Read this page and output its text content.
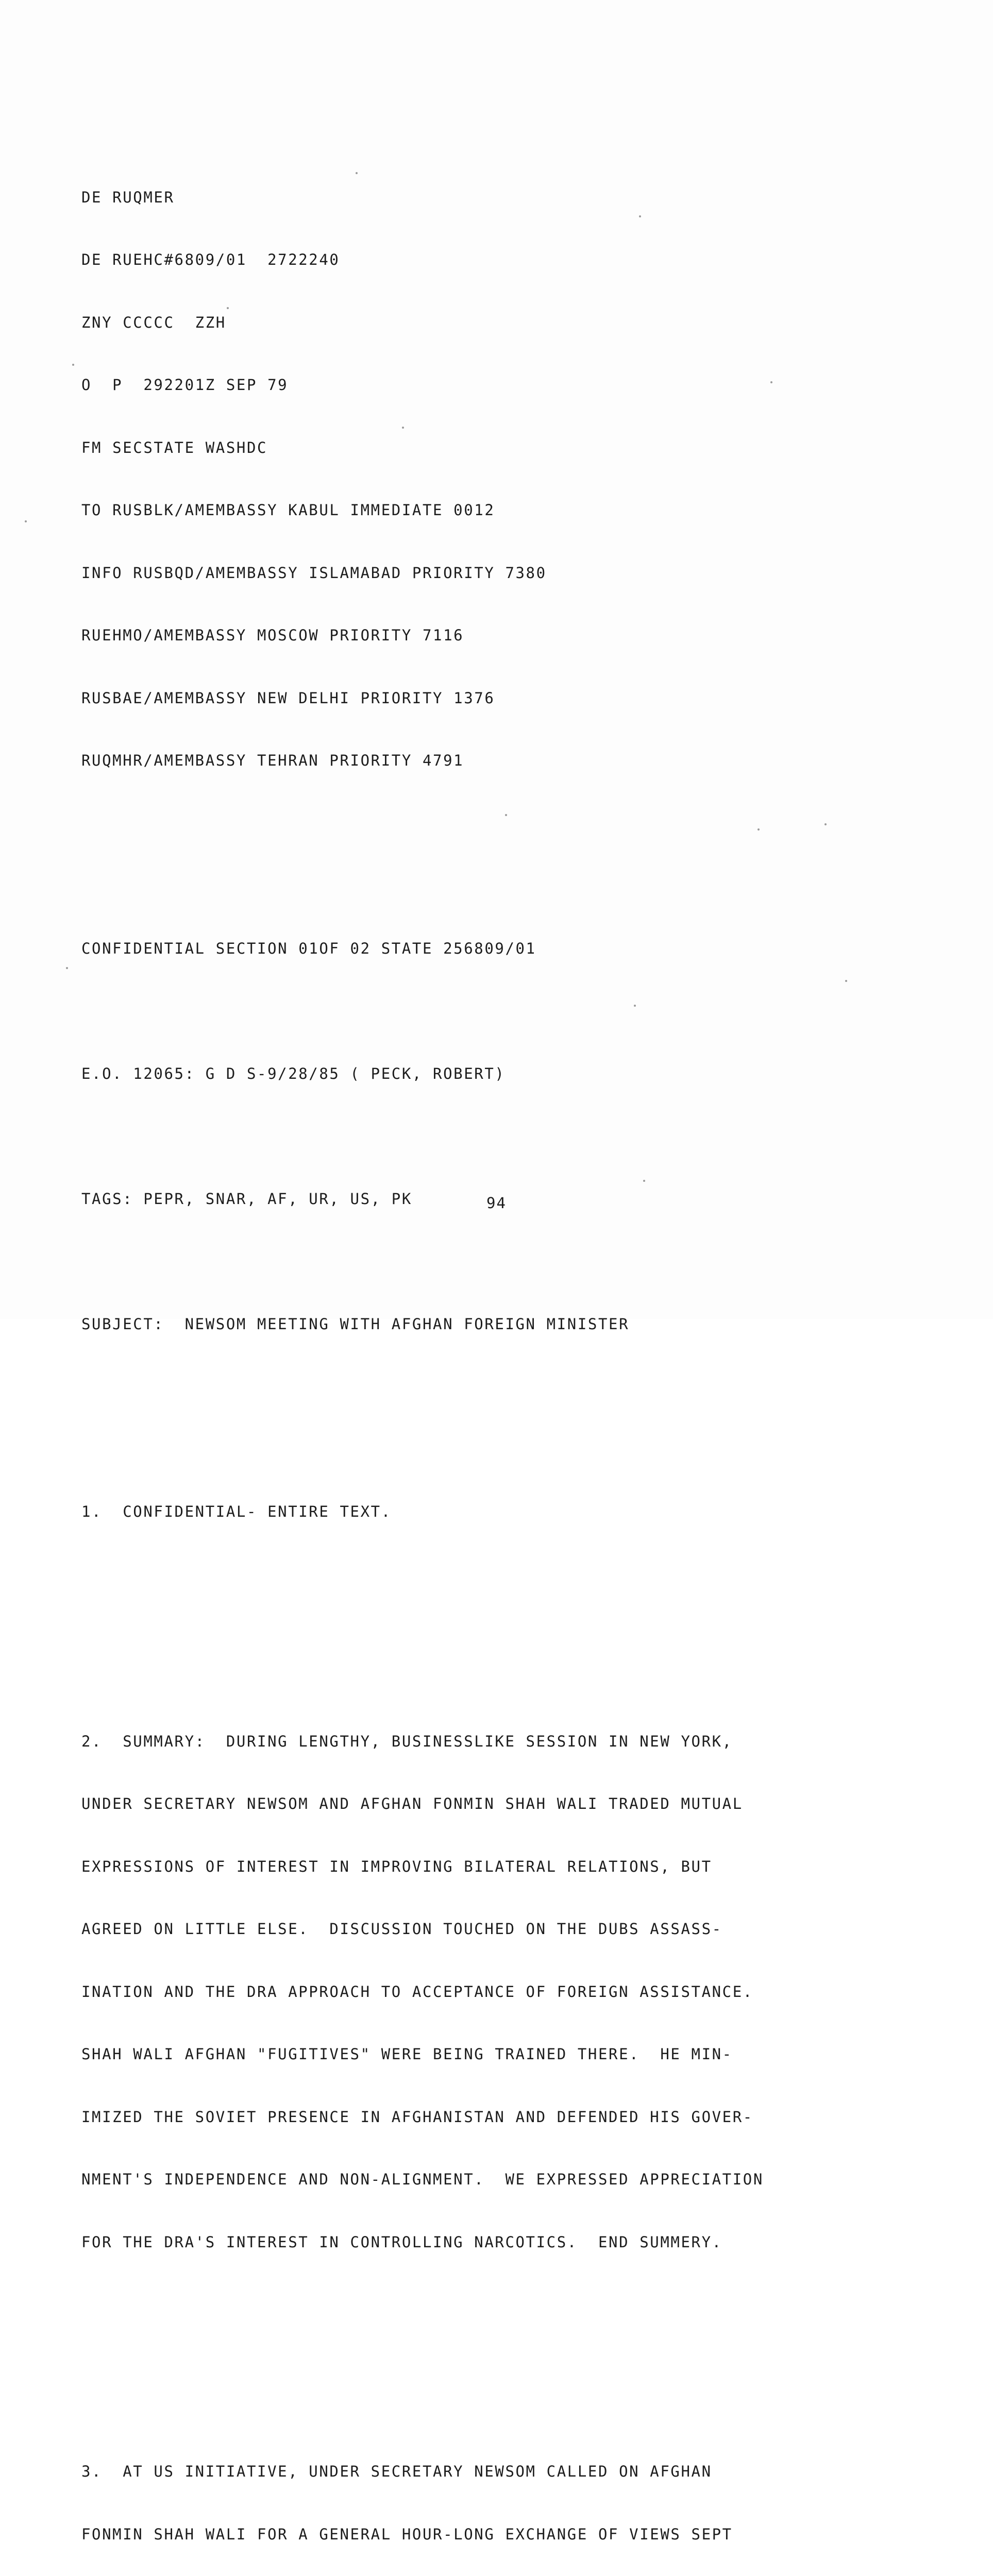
DE RUQMER

DE RUEHC#6809/01  2722240

ZNY CCCCC  ZZH

O  P  292201Z SEP 79

FM SECSTATE WASHDC

TO RUSBLK/AMEMBASSY KABUL IMMEDIATE 0012

INFO RUSBQD/AMEMBASSY ISLAMABAD PRIORITY 7380

RUEHMO/AMEMBASSY MOSCOW PRIORITY 7116

RUSBAE/AMEMBASSY NEW DELHI PRIORITY 1376

RUQMHR/AMEMBASSY TEHRAN PRIORITY 4791

CONFIDENTIAL SECTION 01OF 02 STATE 256809/01

E.O. 12065: G D S-9/28/85 ( PECK, ROBERT)

TAGS: PEPR, SNAR, AF, UR, US, PK

SUBJECT:  NEWSOM MEETING WITH AFGHAN FOREIGN MINISTER

1.  CONFIDENTIAL- ENTIRE TEXT.

2.  SUMMARY:  DURING LENGTHY, BUSINESSLIKE SESSION IN NEW YORK,

UNDER SECRETARY NEWSOM AND AFGHAN FONMIN SHAH WALI TRADED MUTUAL

EXPRESSIONS OF INTEREST IN IMPROVING BILATERAL RELATIONS, BUT

AGREED ON LITTLE ELSE.  DISCUSSION TOUCHED ON THE DUBS ASSASS-

INATION AND THE DRA APPROACH TO ACCEPTANCE OF FOREIGN ASSISTANCE.

SHAH WALI AFGHAN "FUGITIVES" WERE BEING TRAINED THERE.  HE MIN-

IMIZED THE SOVIET PRESENCE IN AFGHANISTAN AND DEFENDED HIS GOVER-

NMENT'S INDEPENDENCE AND NON-ALIGNMENT.  WE EXPRESSED APPRECIATION

FOR THE DRA'S INTEREST IN CONTROLLING NARCOTICS.  END SUMMERY.

3.  AT US INITIATIVE, UNDER SECRETARY NEWSOM CALLED ON AFGHAN

FONMIN SHAH WALI FOR A GENERAL HOUR-LONG EXCHANGE OF VIEWS SEPT

94
